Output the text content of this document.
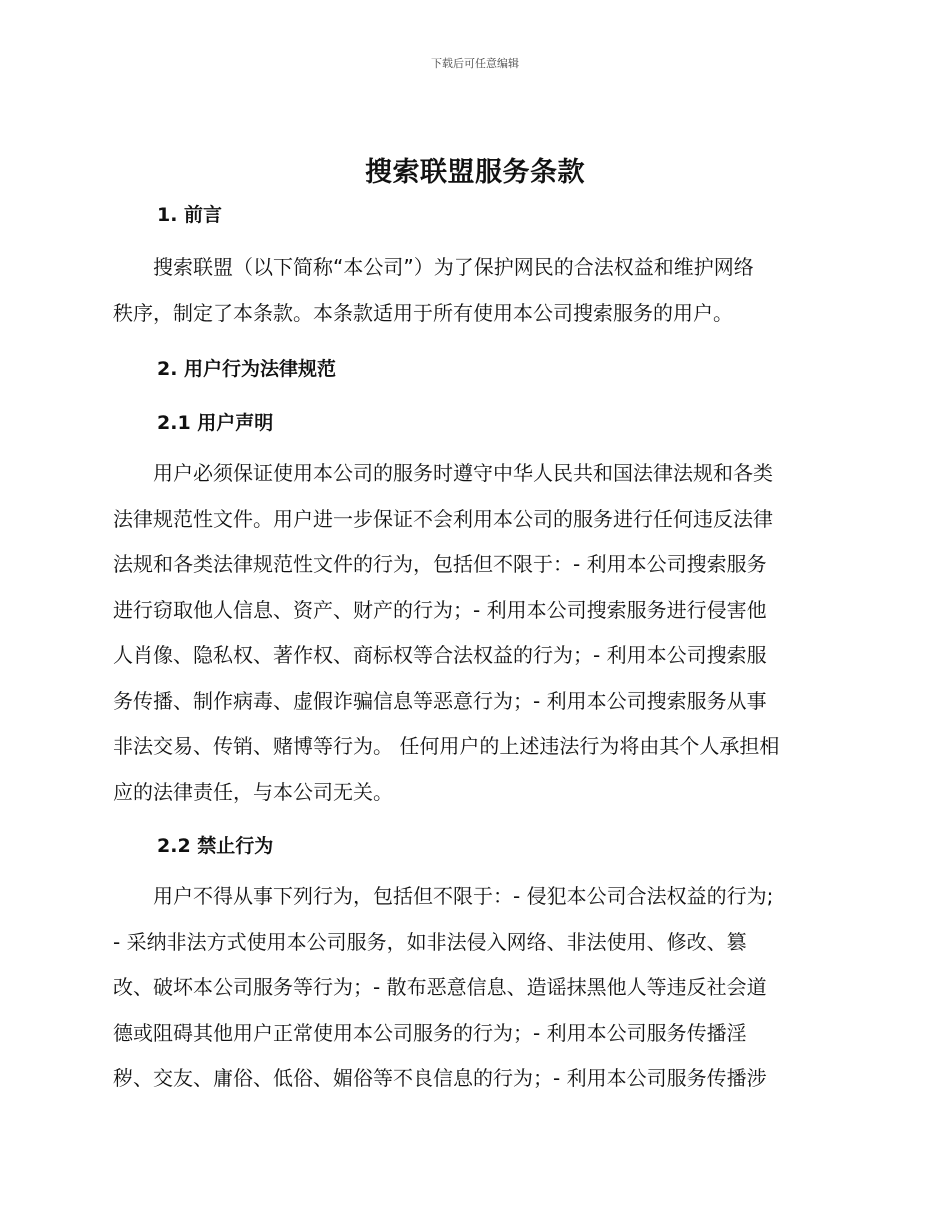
下载后可任意编辑
搜索联盟服务条款
1. 前言
　　搜索联盟（以下简称“本公司”）为了保护网民的合法权益和维护网络
秩序，制定了本条款。本条款适用于所有使用本公司搜索服务的用户。
2. 用户行为法律规范
2.1 用户声明
　　用户必须保证使用本公司的服务时遵守中华人民共和国法律法规和各类
法律规范性文件。用户进一步保证不会利用本公司的服务进行任何违反法律
法规和各类法律规范性文件的行为，包括但不限于：- 利用本公司搜索服务
进行窃取他人信息、资产、财产的行为；- 利用本公司搜索服务进行侵害他
人肖像、隐私权、著作权、商标权等合法权益的行为；- 利用本公司搜索服
务传播、制作病毒、虚假诈骗信息等恶意行为；- 利用本公司搜索服务从事
非法交易、传销、赌博等行为。 任何用户的上述违法行为将由其个人承担相
应的法律责任，与本公司无关。
2.2 禁止行为
　　用户不得从事下列行为，包括但不限于：- 侵犯本公司合法权益的行为;
- 采纳非法方式使用本公司服务，如非法侵入网络、非法使用、修改、篡
改、破坏本公司服务等行为；- 散布恶意信息、造谣抹黑他人等违反社会道
德或阻碍其他用户正常使用本公司服务的行为；- 利用本公司服务传播淫
秽、交友、庸俗、低俗、媚俗等不良信息的行为；- 利用本公司服务传播涉
